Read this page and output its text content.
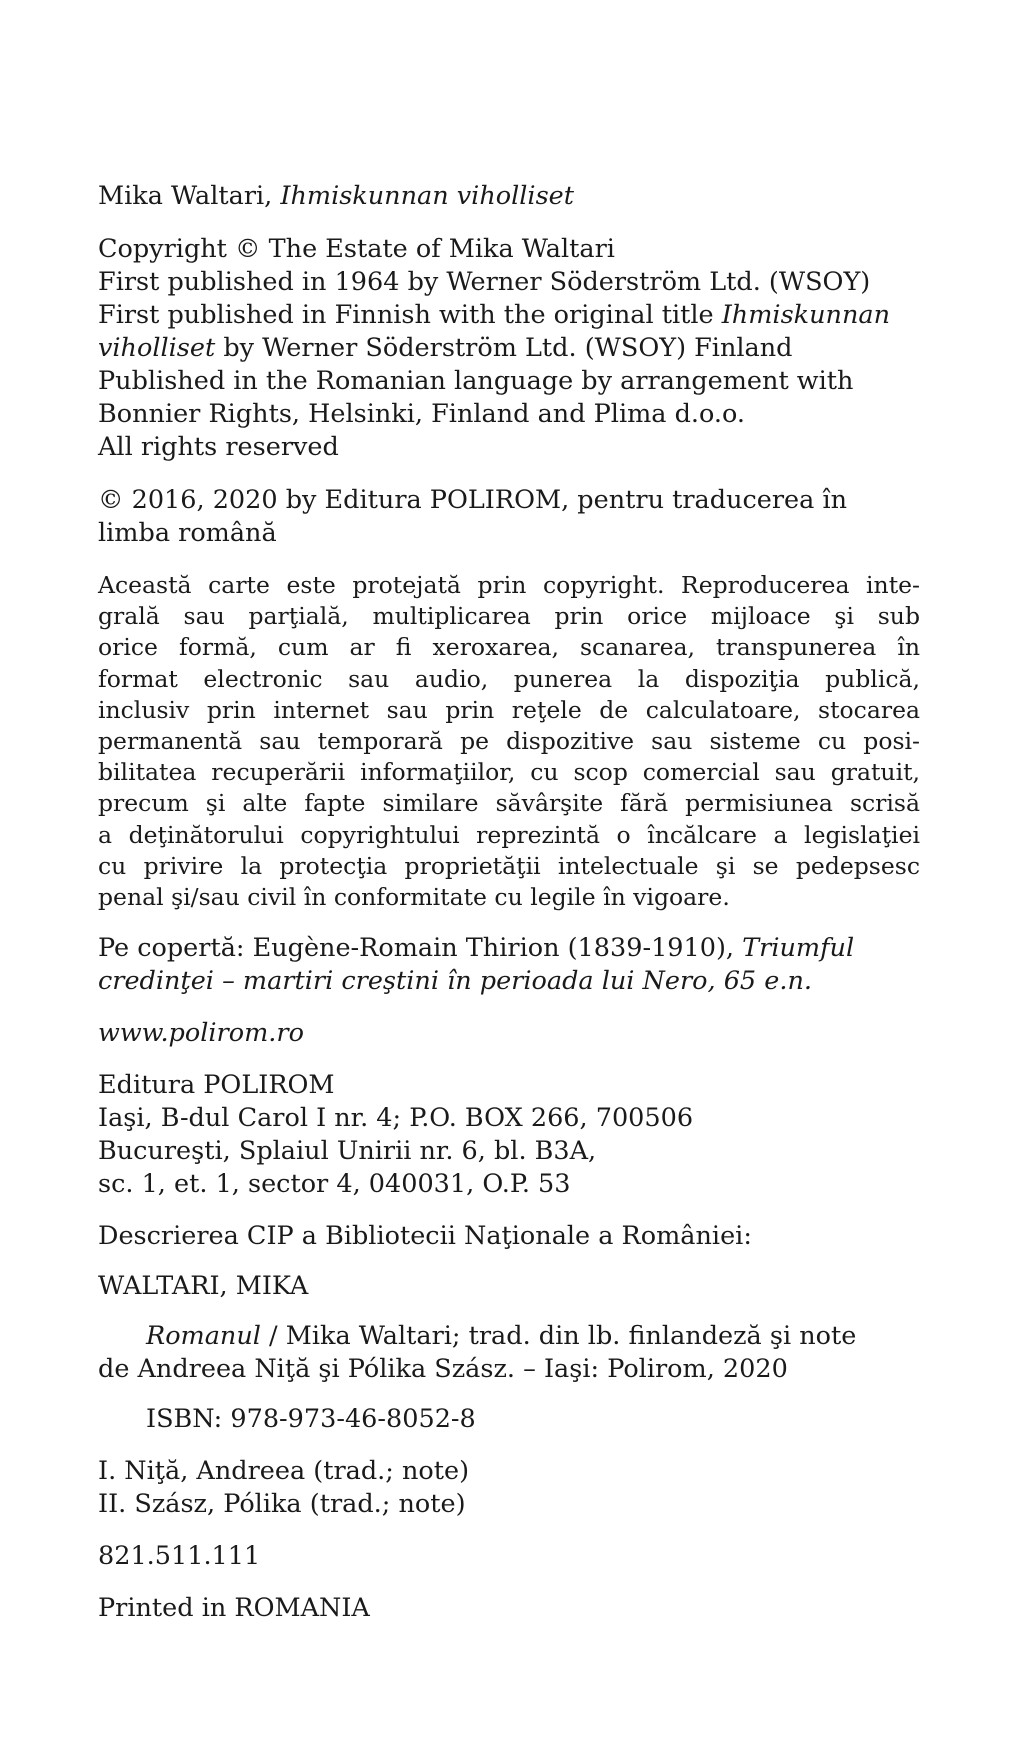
Mika Waltari, Ihmiskunnan viholliset

Copyright © The Estate of Mika Waltari
First published in 1964 by Werner Söderström Ltd. (WSOY)
First published in Finnish with the original title Ihmiskunnan
viholliset by Werner Söderström Ltd. (WSOY) Finland
Published in the Romanian language by arrangement with
Bonnier Rights, Helsinki, Finland and Plima d.o.o.
All rights reserved

© 2016, 2020 by Editura POLIROM, pentru traducerea în
limba română

Această carte este protejată prin copyright. Reproducerea inte-
grală sau parţială, multiplicarea prin orice mijloace şi sub
orice formă, cum ar fi xeroxarea, scanarea, transpunerea în
format electronic sau audio, punerea la dispoziţia publică,
inclusiv prin internet sau prin reţele de calculatoare, stocarea
permanentă sau temporară pe dispozitive sau sisteme cu posi-
bilitatea recuperării informaţiilor, cu scop comercial sau gratuit,
precum şi alte fapte similare săvârşite fără permisiunea scrisă
a deţinătorului copyrightului reprezintă o încălcare a legislaţiei
cu privire la protecţia proprietăţii intelectuale şi se pedepsesc
penal şi/sau civil în conformitate cu legile în vigoare.

Pe copertă: Eugène-Romain Thirion (1839-1910), Triumful
credinţei – martiri creştini în perioada lui Nero, 65 e.n.

www.polirom.ro

Editura POLIROM
Iaşi, B-dul Carol I nr. 4; P.O. BOX 266, 700506
Bucureşti, Splaiul Unirii nr. 6, bl. B3A,
sc. 1, et. 1, sector 4, 040031, O.P. 53

Descrierea CIP a Bibliotecii Naţionale a României:

WALTARI, MIKA

Romanul / Mika Waltari; trad. din lb. finlandeză şi note
de Andreea Niţă şi Pólika Szász. – Iaşi: Polirom, 2020

ISBN: 978-973-46-8052-8

I. Niţă, Andreea (trad.; note)
II. Szász, Pólika (trad.; note)

821.511.111

Printed in ROMANIA
